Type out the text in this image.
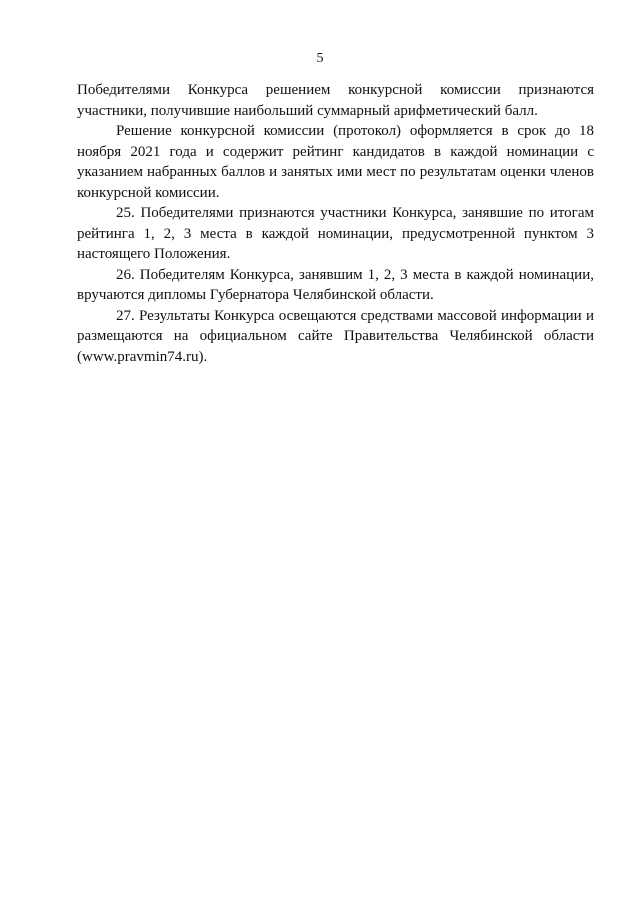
5

Победителями Конкурса решением конкурсной комиссии признаются участники, получившие наибольший суммарный арифметический балл.

Решение конкурсной комиссии (протокол) оформляется в срок до 18 ноября 2021 года и содержит рейтинг кандидатов в каждой номинации с указанием набранных баллов и занятых ими мест по результатам оценки членов конкурсной комиссии.

25. Победителями признаются участники Конкурса, занявшие по итогам рейтинга 1, 2, 3 места в каждой номинации, предусмотренной пунктом 3 настоящего Положения.

26. Победителям Конкурса, занявшим 1, 2, 3 места в каждой номинации, вручаются дипломы Губернатора Челябинской области.

27. Результаты Конкурса освещаются средствами массовой информации и размещаются на официальном сайте Правительства Челябинской области (www.pravmin74.ru).
